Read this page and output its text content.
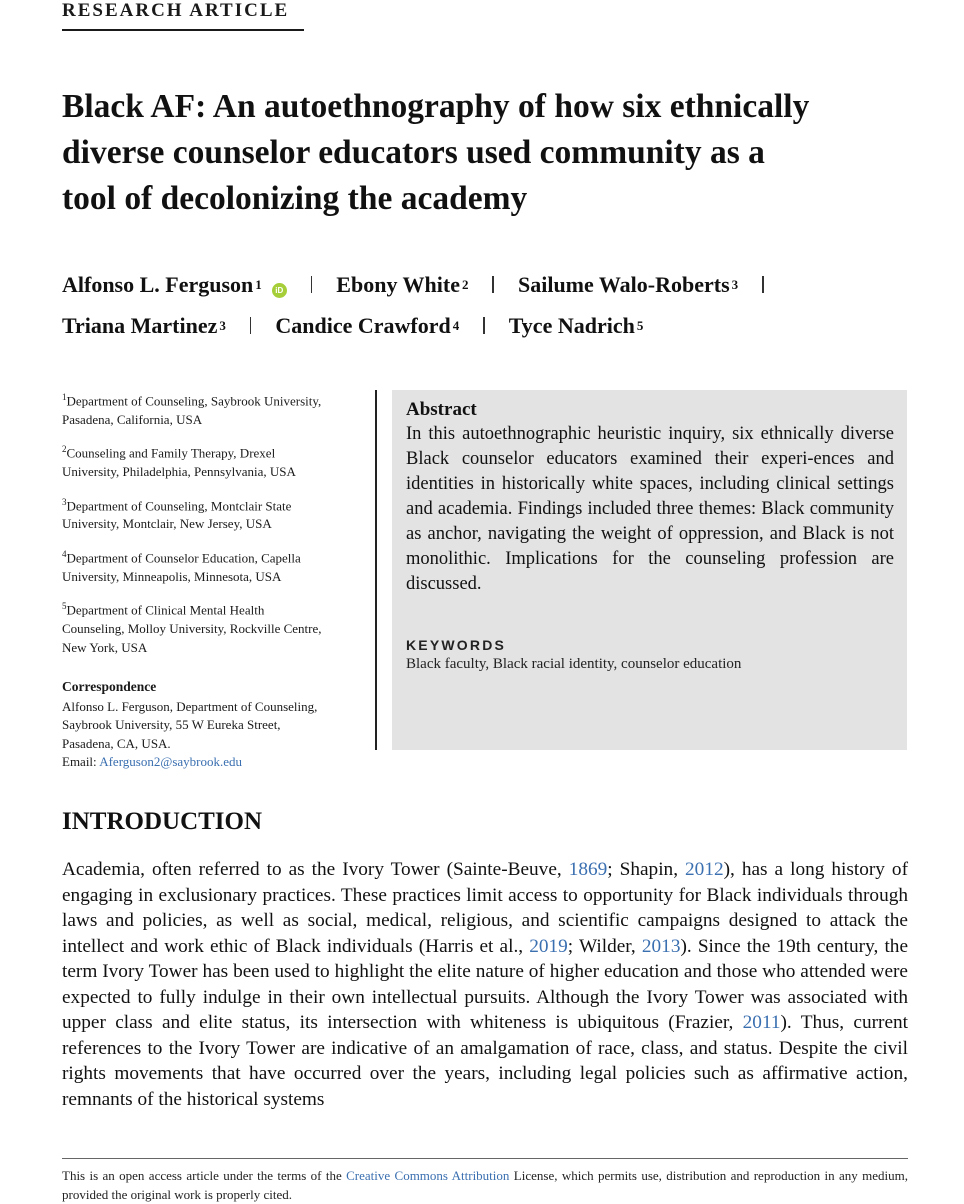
RESEARCH ARTICLE
Black AF: An autoethnography of how six ethnically
diverse counselor educators used community as a
tool of decolonizing the academy
Alfonso L. Ferguson$^1$	iD Ebony White$^2$ Sailume Walo-Roberts$^3$
Triana Martinez$^3$ Candice Crawford$^4$ Tyce Nadrich$^5$
$^1$Department of Counseling, Saybrook University,
Pasadena, California, USA
$^2$Counseling and Family Therapy, Drexel
University, Philadelphia, Pennsylvania, USA
$^3$Department of Counseling, Montclair State
University, Montclair, New Jersey, USA
$^4$Department of Counselor Education, Capella
University, Minneapolis, Minnesota, USA
$^5$Department of Clinical Mental Health
Counseling, Molloy University, Rockville Centre,
New York, USA
Correspondence
Alfonso L. Ferguson, Department of Counseling,
Saybrook University, 55 W Eureka Street,
Pasadena, CA, USA.
Email: Aferguson2@saybrook.edu
Abstract

In this autoethnographic heuristic inquiry, six ethnically diverse Black counselor educators examined their experi-ences and identities in historically white spaces, including clinical settings and academia. Findings included three themes: Black community as anchor, navigating the weight of oppression, and Black is not monolithic. Implications for the counseling profession are discussed.

KEYWORDS
Black faculty, Black racial identity, counselor education
INTRODUCTION

Academia, often referred to as the Ivory Tower (Sainte-Beuve, 1869; Shapin, 2012), has a long history of engaging in exclusionary practices. These practices limit access to opportunity for Black individuals through laws and policies, as well as social, medical, religious, and scientific campaigns designed to attack the intellect and work ethic of Black individuals (Harris et al., 2019; Wilder, 2013). Since the 19th century, the term Ivory Tower has been used to highlight the elite nature of higher education and those who attended were expected to fully indulge in their own intellectual pursuits. Although the Ivory Tower was associated with upper class and elite status, its intersection with whiteness is ubiquitous (Frazier, 2011). Thus, current references to the Ivory Tower are indicative of an amalgamation of race, class, and status. Despite the civil rights movements that have occurred over the years, including legal policies such as affirmative action, remnants of the historical systems

This is an open access article under the terms of the Creative Commons Attribution License, which permits use, distribution and reproduction in any medium, provided the original work is properly cited.
